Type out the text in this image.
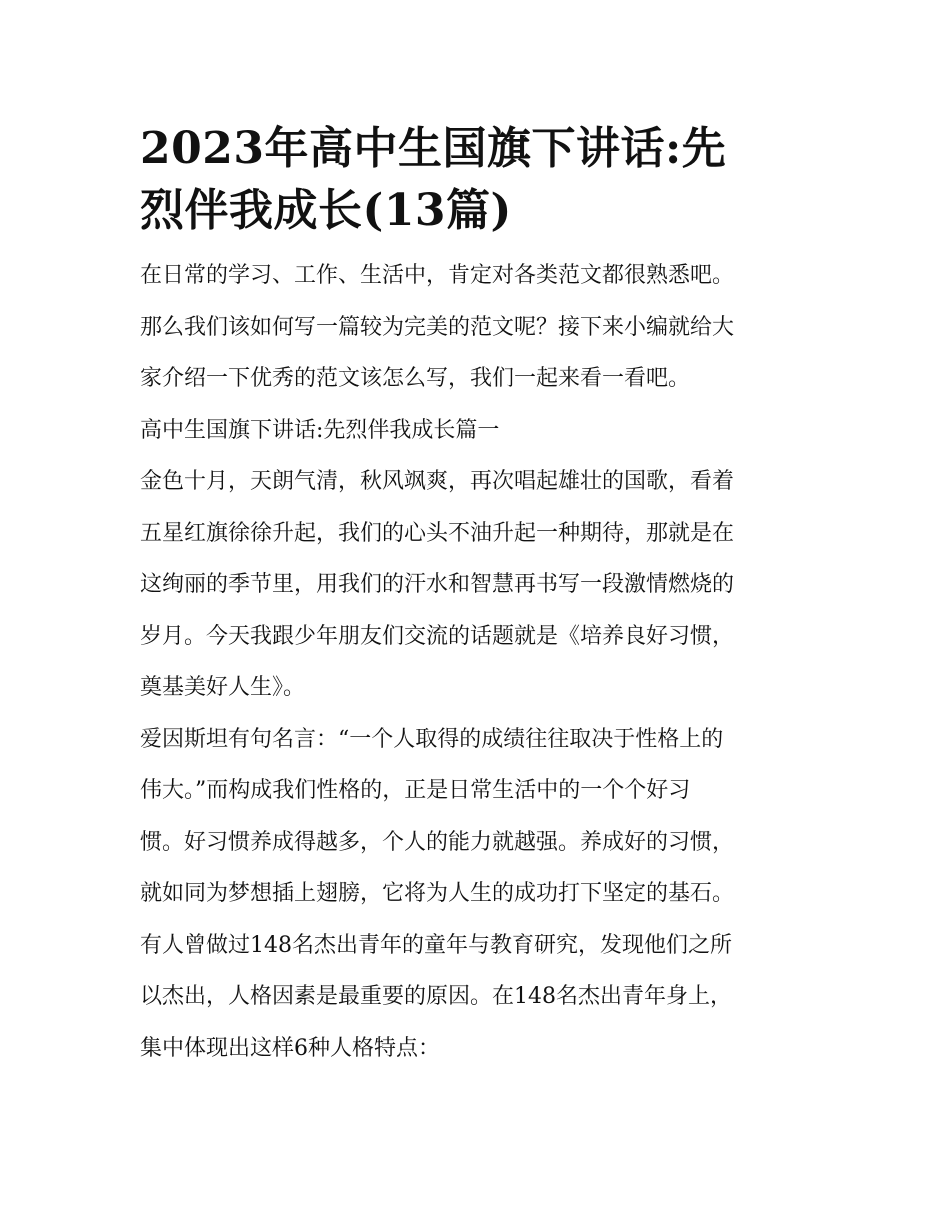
2023年高中生国旗下讲话:先
烈伴我成长(13篇)
在日常的学习、工作、生活中，肯定对各类范文都很熟悉吧。
那么我们该如何写一篇较为完美的范文呢？接下来小编就给大
家介绍一下优秀的范文该怎么写，我们一起来看一看吧。
高中生国旗下讲话:先烈伴我成长篇一
金色十月，天朗气清，秋风飒爽，再次唱起雄壮的国歌，看着
五星红旗徐徐升起，我们的心头不油升起一种期待，那就是在
这绚丽的季节里，用我们的汗水和智慧再书写一段激情燃烧的
岁月。今天我跟少年朋友们交流的话题就是《培养良好习惯，
奠基美好人生》。
爱因斯坦有句名言：“一个人取得的成绩往往取决于性格上的
伟大。”而构成我们性格的，正是日常生活中的一个个好习
惯。好习惯养成得越多，个人的能力就越强。养成好的习惯，
就如同为梦想插上翅膀，它将为人生的成功打下坚定的基石。
有人曾做过148名杰出青年的童年与教育研究，发现他们之所
以杰出，人格因素是最重要的原因。在148名杰出青年身上，
集中体现出这样6种人格特点：
